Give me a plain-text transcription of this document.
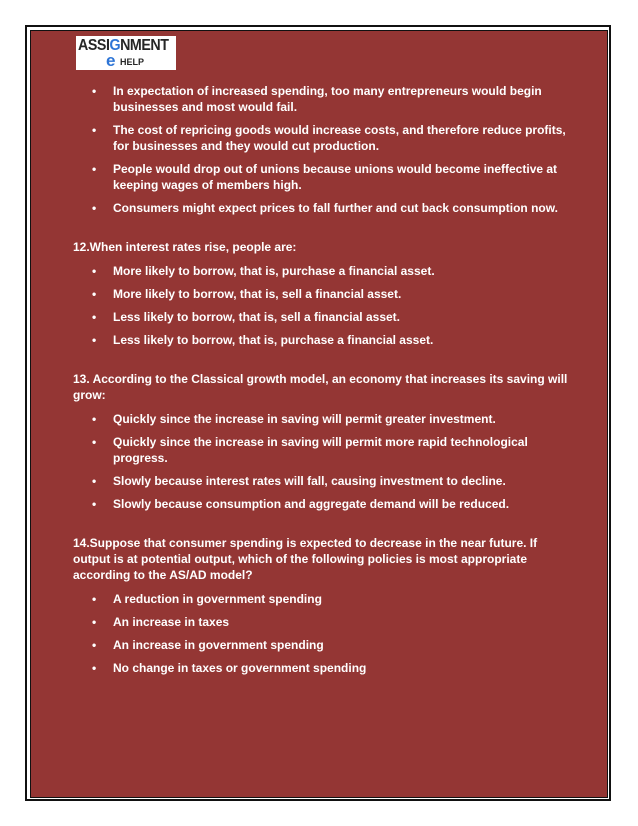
ASSIGNMENT
e HELP
• In expectation of increased spending, too many entrepreneurs would begin businesses and most would fail.
• The cost of repricing goods would increase costs, and therefore reduce profits, for businesses and they would cut production.
• People would drop out of unions because unions would become ineffective at keeping wages of members high.
• Consumers might expect prices to fall further and cut back consumption now.

12.When interest rates rise, people are:

• More likely to borrow, that is, purchase a financial asset.
• More likely to borrow, that is, sell a financial asset.
• Less likely to borrow, that is, sell a financial asset.
• Less likely to borrow, that is, purchase a financial asset.

13. According to the Classical growth model, an economy that increases its saving will grow:

• Quickly since the increase in saving will permit greater investment.
• Quickly since the increase in saving will permit more rapid technological progress.
• Slowly because interest rates will fall, causing investment to decline.
• Slowly because consumption and aggregate demand will be reduced.

14.Suppose that consumer spending is expected to decrease in the near future. If output is at potential output, which of the following policies is most appropriate according to the AS/AD model?

• A reduction in government spending
• An increase in taxes
• An increase in government spending
• No change in taxes or government spending
